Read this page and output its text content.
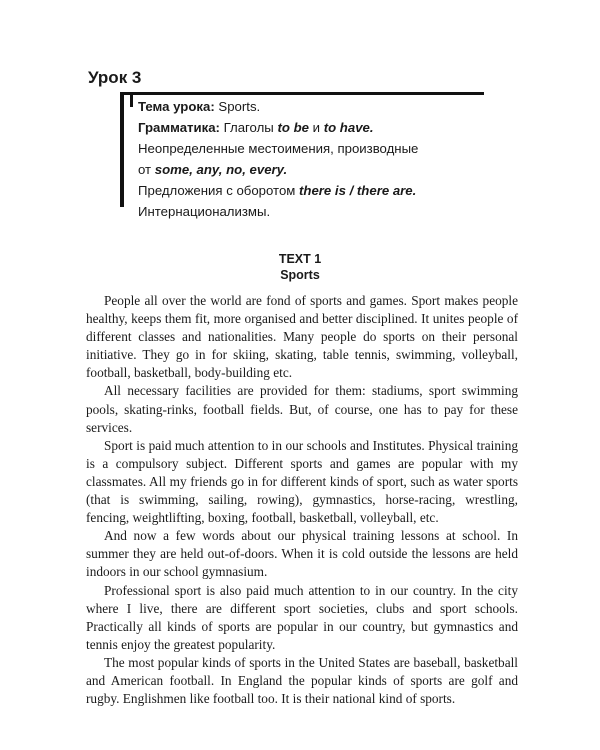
Урок 3
Тема урока: Sports.
Грамматика: Глаголы to be и to have.
Неопределенные местоимения, производные
от some, any, no, every.
Предложения с оборотом there is / there are.
Интернационализмы.
TEXT 1
Sports

People all over the world are fond of sports and games. Sport makes people healthy, keeps them fit, more organised and better disciplined. It unites people of different classes and nationalities. Many people do sports on their personal initiative. They go in for skiing, skating, table tennis, swimming, volleyball, football, basketball, body-building etc.

All necessary facilities are provided for them: stadiums, sport swimming pools, skating-rinks, football fields. But, of course, one has to pay for these services.

Sport is paid much attention to in our schools and Institutes. Physical training is a compulsory subject. Different sports and games are popular with my classmates. All my friends go in for different kinds of sport, such as water sports (that is swimming, sailing, rowing), gymnastics, horse-racing, wrestling, fencing, weightlifting, boxing, football, basketball, volleyball, etc.

And now a few words about our physical training lessons at school. In summer they are held out-of-doors. When it is cold outside the lessons are held indoors in our school gymnasium.

Professional sport is also paid much attention to in our country. In the city where I live, there are different sport societies, clubs and sport schools. Practically all kinds of sports are popular in our country, but gymnastics and tennis enjoy the greatest popularity.

The most popular kinds of sports in the United States are baseball, basketball and American football. In England the popular kinds of sports are golf and rugby. Englishmen like football too. It is their national kind of sports.
